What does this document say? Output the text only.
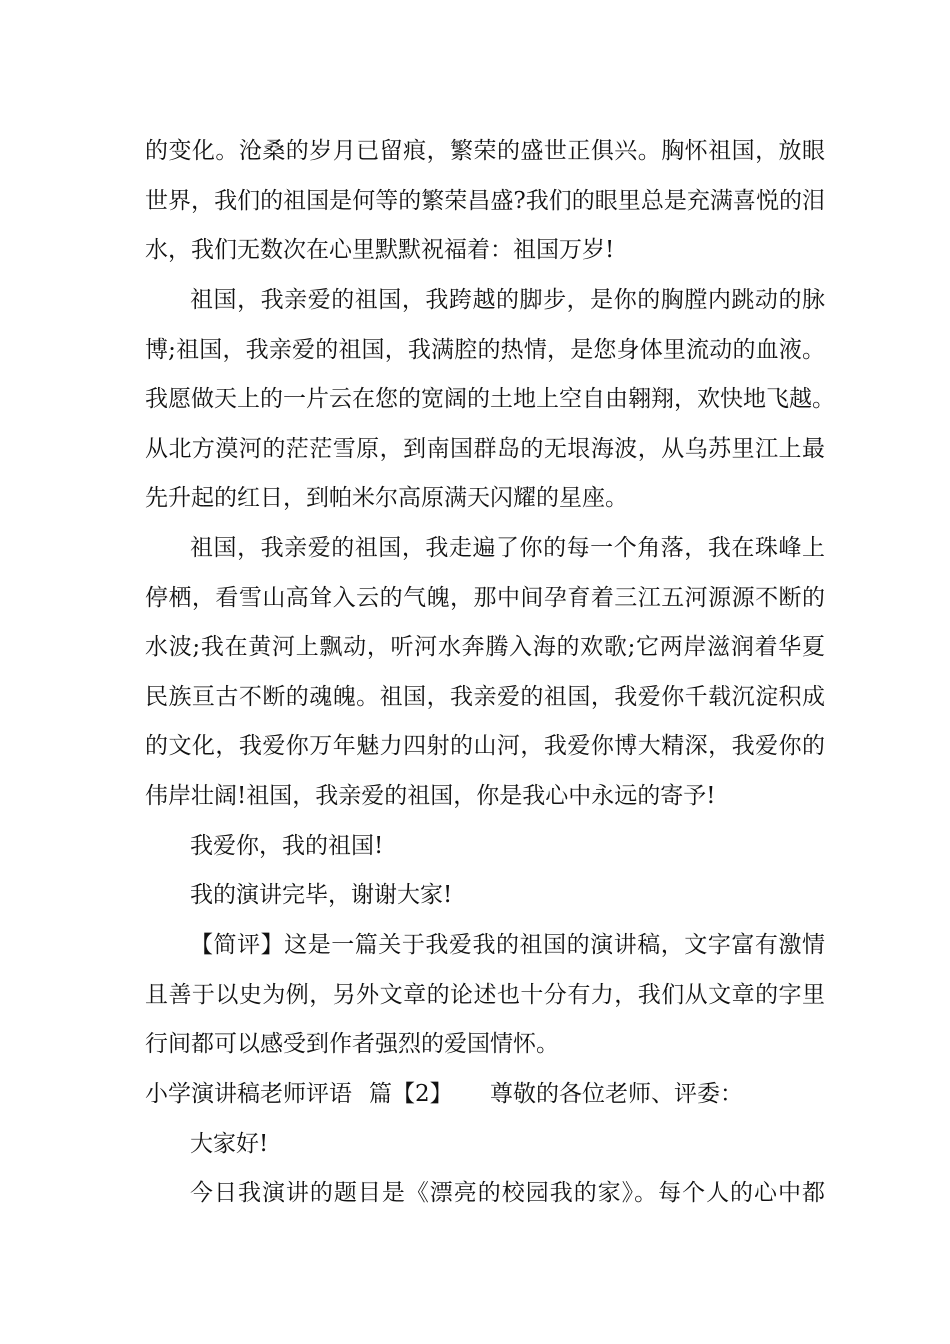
的变化。沧桑的岁月已留痕，繁荣的盛世正俱兴。胸怀祖国，放眼
世界，我们的祖国是何等的繁荣昌盛?我们的眼里总是充满喜悦的泪
水，我们无数次在心里默默祝福着：祖国万岁!
祖国，我亲爱的祖国，我跨越的脚步，是你的胸膛内跳动的脉
博;祖国，我亲爱的祖国，我满腔的热情，是您身体里流动的血液。
我愿做天上的一片云在您的宽阔的土地上空自由翱翔，欢快地飞越。
从北方漠河的茫茫雪原，到南国群岛的无垠海波，从乌苏里江上最
先升起的红日，到帕米尔高原满天闪耀的星座。
祖国，我亲爱的祖国，我走遍了你的每一个角落，我在珠峰上
停栖，看雪山高耸入云的气魄，那中间孕育着三江五河源源不断的
水波;我在黄河上飘动，听河水奔腾入海的欢歌;它两岸滋润着华夏
民族亘古不断的魂魄。祖国，我亲爱的祖国，我爱你千载沉淀积成
的文化，我爱你万年魅力四射的山河，我爱你博大精深，我爱你的
伟岸壮阔!祖国，我亲爱的祖国，你是我心中永远的寄予!
我爱你，我的祖国!
我的演讲完毕，谢谢大家!
【简评】这是一篇关于我爱我的祖国的演讲稿，文字富有激情
且善于以史为例，另外文章的论述也十分有力，我们从文章的字里
行间都可以感受到作者强烈的爱国情怀。
小学演讲稿老师评语 篇【2】 尊敬的各位老师、评委：
大家好!
今日我演讲的题目是《漂亮的校园我的家》。每个人的心中都
